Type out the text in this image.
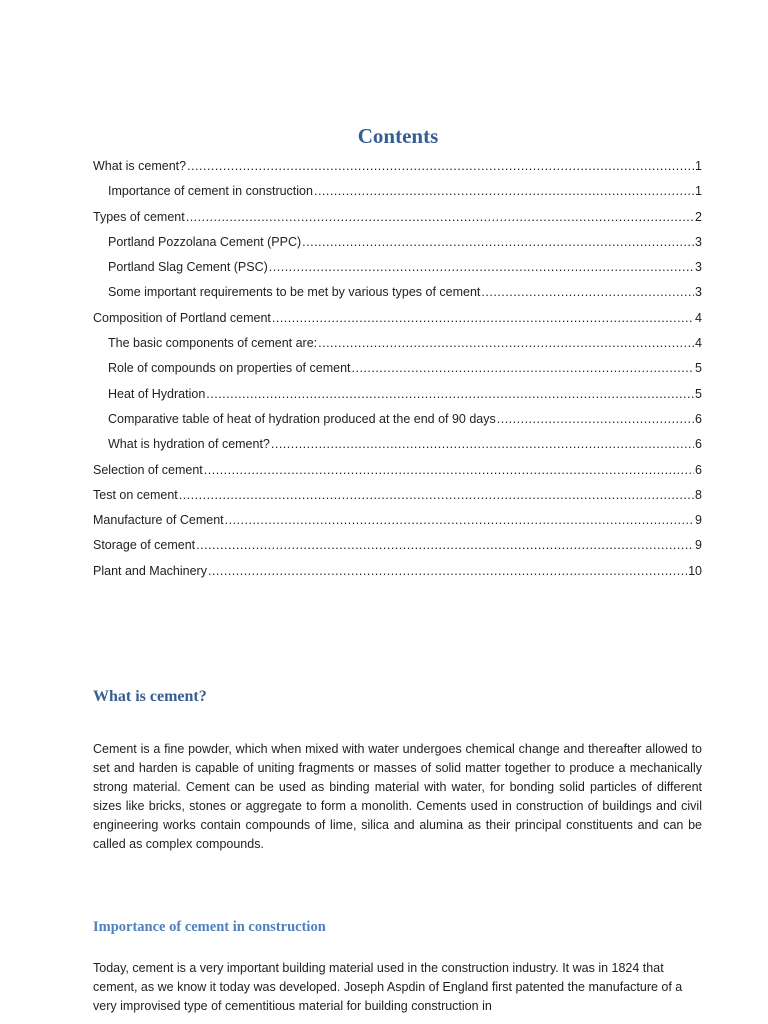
Contents
What is cement? .....	1
Importance of cement in construction .....	1
Types of cement .....	2
Portland Pozzolana Cement (PPC) .....	3
Portland Slag Cement (PSC) .....	3
Some important requirements to be met by various types of cement .....	3
Composition of Portland cement .....	4
The basic components of cement are: .....	4
Role of compounds on properties of cement .....	5
Heat of Hydration .....	5
Comparative table of heat of hydration produced at the end of 90 days .....	6
What is hydration of cement? .....	6
Selection of cement .....	6
Test on cement .....	8
Manufacture of Cement .....	9
Storage of cement .....	9
Plant and Machinery .....	10
What is cement?
Cement is a fine powder, which when mixed with water undergoes chemical change and thereafter allowed to set and harden is capable of uniting fragments or masses of solid matter together to produce a mechanically strong material. Cement can be used as binding material with water, for bonding solid particles of different sizes like bricks, stones or aggregate to form a monolith. Cements used in construction of buildings and civil engineering works contain compounds of lime, silica and alumina as their principal constituents and can be called as complex compounds.
Importance of cement in construction
Today, cement is a very important building material used in the construction industry. It was in 1824 that cement, as we know it today was developed. Joseph Aspdin of England first patented the manufacture of a very improvised type of cementitious material for building construction in
